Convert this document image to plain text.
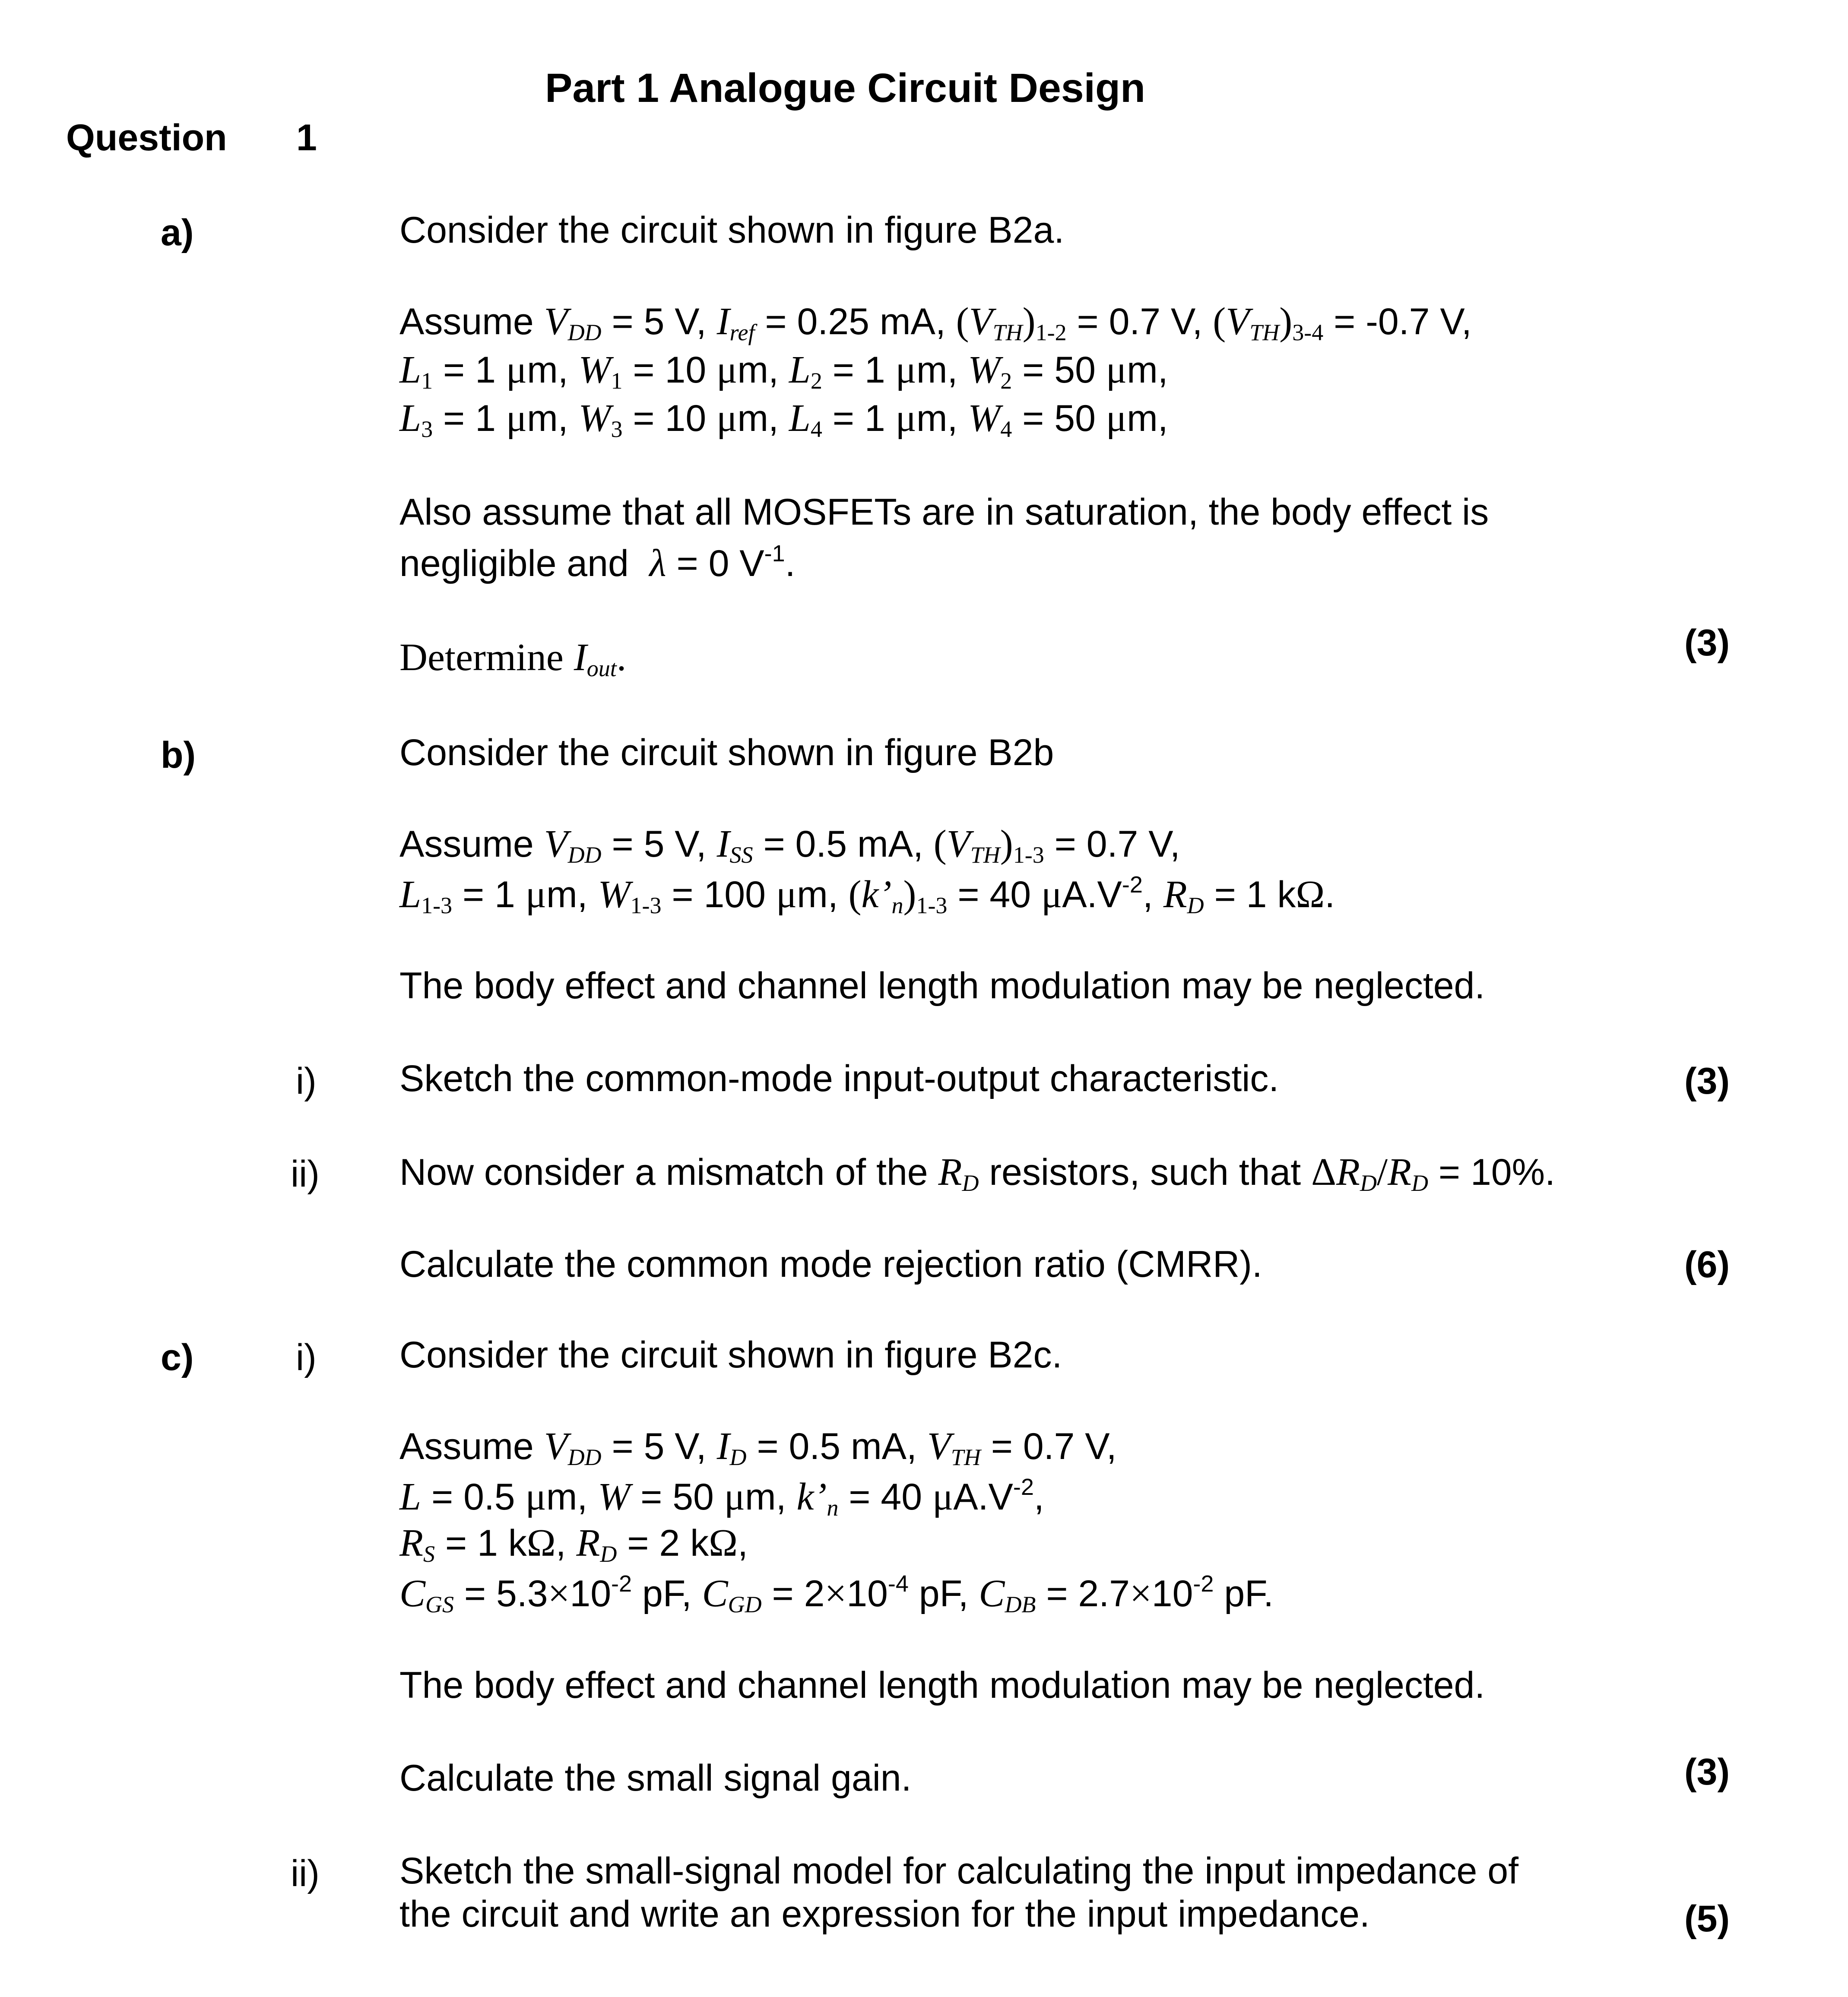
Part 1 Analogue Circuit Design
Question 1
a)	Consider the circuit shown in figure B2a.
Assume VDD = 5 V, Iref = 0.25 mA, (VTH)1-2 = 0.7 V, (VTH)3-4 = -0.7 V,
L1 = 1 μm, W1 = 10 μm, L2 = 1 μm, W2 = 50 μm,
L3 = 1 μm, W3 = 10 μm, L4 = 1 μm, W4 = 50 μm,
Also assume that all MOSFETs are in saturation, the body effect is
negligible and λ = 0 $V^{-1}$.
Determine Iout.	(3)
b)	Consider the circuit shown in figure B2b
Assume VDD = 5 V, ISS = 0.5 mA, (VTH)1-3 = 0.7 V,
L1-3 = 1 μm, W1-3 = 100 μm, (k’n)1-3 = 40 $\mu A.V^{-2}$, RD = 1 kΩ.
The body effect and channel length modulation may be neglected.
i) Sketch the common-mode input-output characteristic.	(3)
ii) Now consider a mismatch of the RD resistors, such that ΔRD/RD = 10%.
Calculate the common mode rejection ratio (CMRR).	(6)
c)	i) Consider the circuit shown in figure B2c.
Assume VDD = 5 V, ID = 0.5 mA, VTH = 0.7 V,
L = 0.5 μm, W = 50 μm, k’n = 40 $\mu A.V^{-2}$,
RS = 1 kΩ, RD = 2 kΩ,
CGS = $5.3\times 10^{-2}$ pF, CGD = $2\times 10^{-4}$ pF, CDB = $2.7\times 10^{-2}$ pF.
The body effect and channel length modulation may be neglected.
Calculate the small signal gain.	(3)
ii) Sketch the small-signal model for calculating the input impedance of
the circuit and write an expression for the input impedance.	(5)
